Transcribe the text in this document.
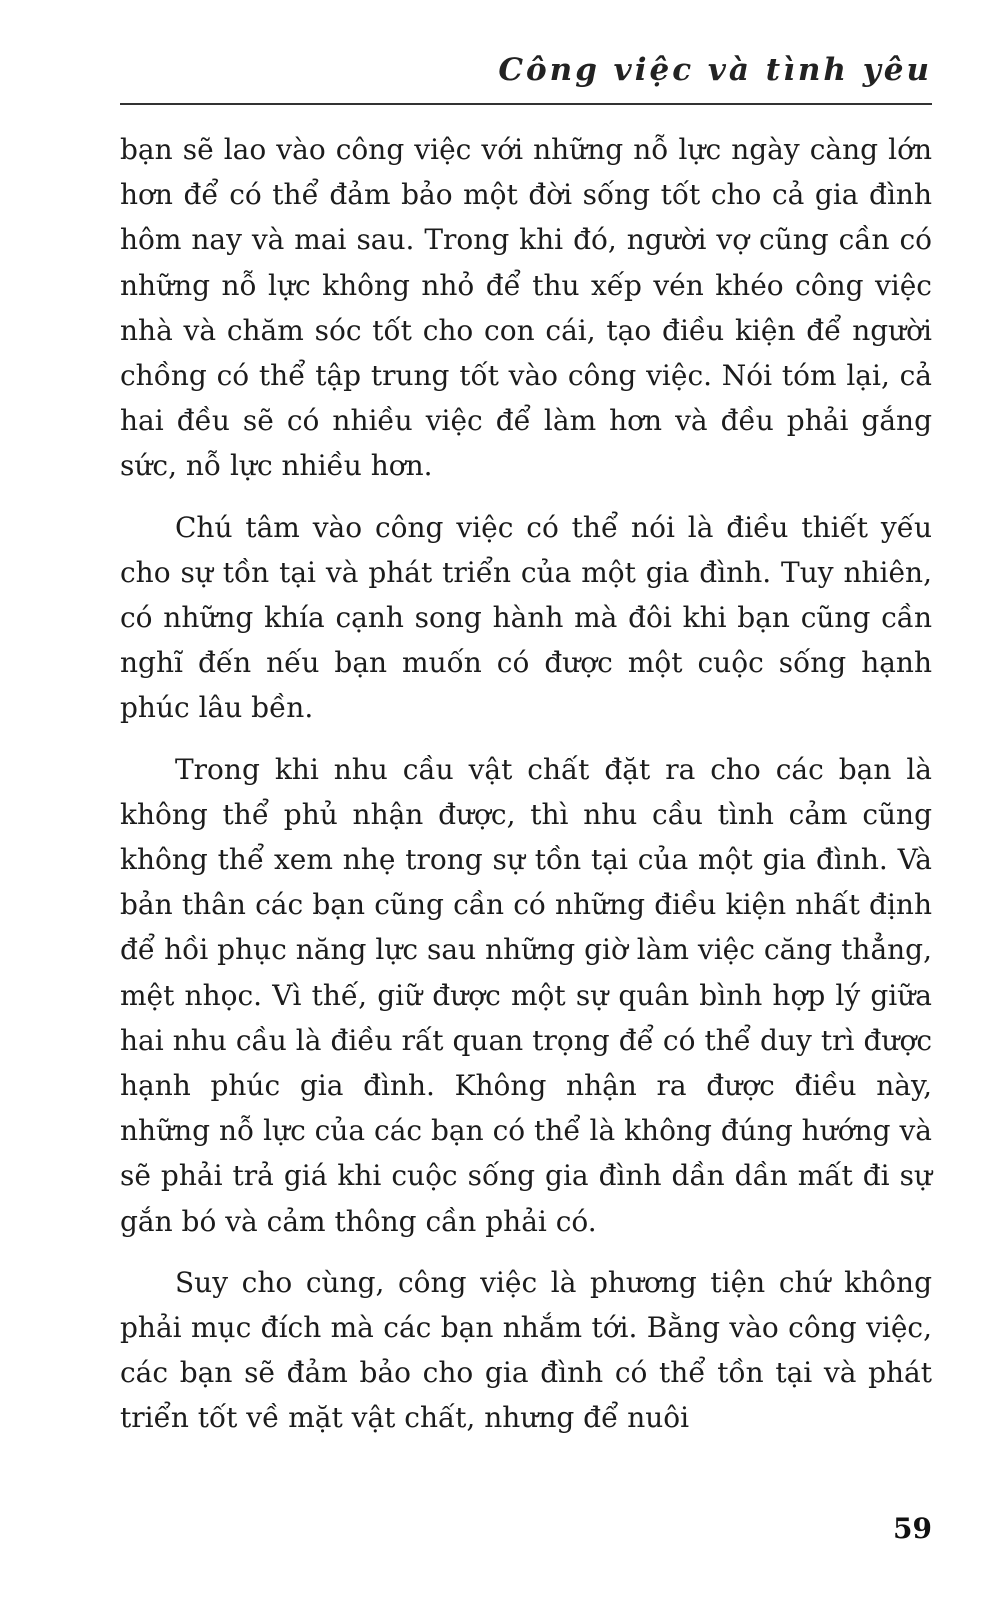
Công việc và tình yêu

bạn sẽ lao vào công việc với những nỗ lực ngày càng lớn hơn để có thể đảm bảo một đời sống tốt cho cả gia đình hôm nay và mai sau. Trong khi đó, người vợ cũng cần có những nỗ lực không nhỏ để thu xếp vén khéo công việc nhà và chăm sóc tốt cho con cái, tạo điều kiện để người chồng có thể tập trung tốt vào công việc. Nói tóm lại, cả hai đều sẽ có nhiều việc để làm hơn và đều phải gắng sức, nỗ lực nhiều hơn.

Chú tâm vào công việc có thể nói là điều thiết yếu cho sự tồn tại và phát triển của một gia đình. Tuy nhiên, có những khía cạnh song hành mà đôi khi bạn cũng cần nghĩ đến nếu bạn muốn có được một cuộc sống hạnh phúc lâu bền.

Trong khi nhu cầu vật chất đặt ra cho các bạn là không thể phủ nhận được, thì nhu cầu tình cảm cũng không thể xem nhẹ trong sự tồn tại của một gia đình. Và bản thân các bạn cũng cần có những điều kiện nhất định để hồi phục năng lực sau những giờ làm việc căng thẳng, mệt nhọc. Vì thế, giữ được một sự quân bình hợp lý giữa hai nhu cầu là điều rất quan trọng để có thể duy trì được hạnh phúc gia đình. Không nhận ra được điều này, những nỗ lực của các bạn có thể là không đúng hướng và sẽ phải trả giá khi cuộc sống gia đình dần dần mất đi sự gắn bó và cảm thông cần phải có.

Suy cho cùng, công việc là phương tiện chứ không phải mục đích mà các bạn nhắm tới. Bằng vào công việc, các bạn sẽ đảm bảo cho gia đình có thể tồn tại và phát triển tốt về mặt vật chất, nhưng để nuôi

59
